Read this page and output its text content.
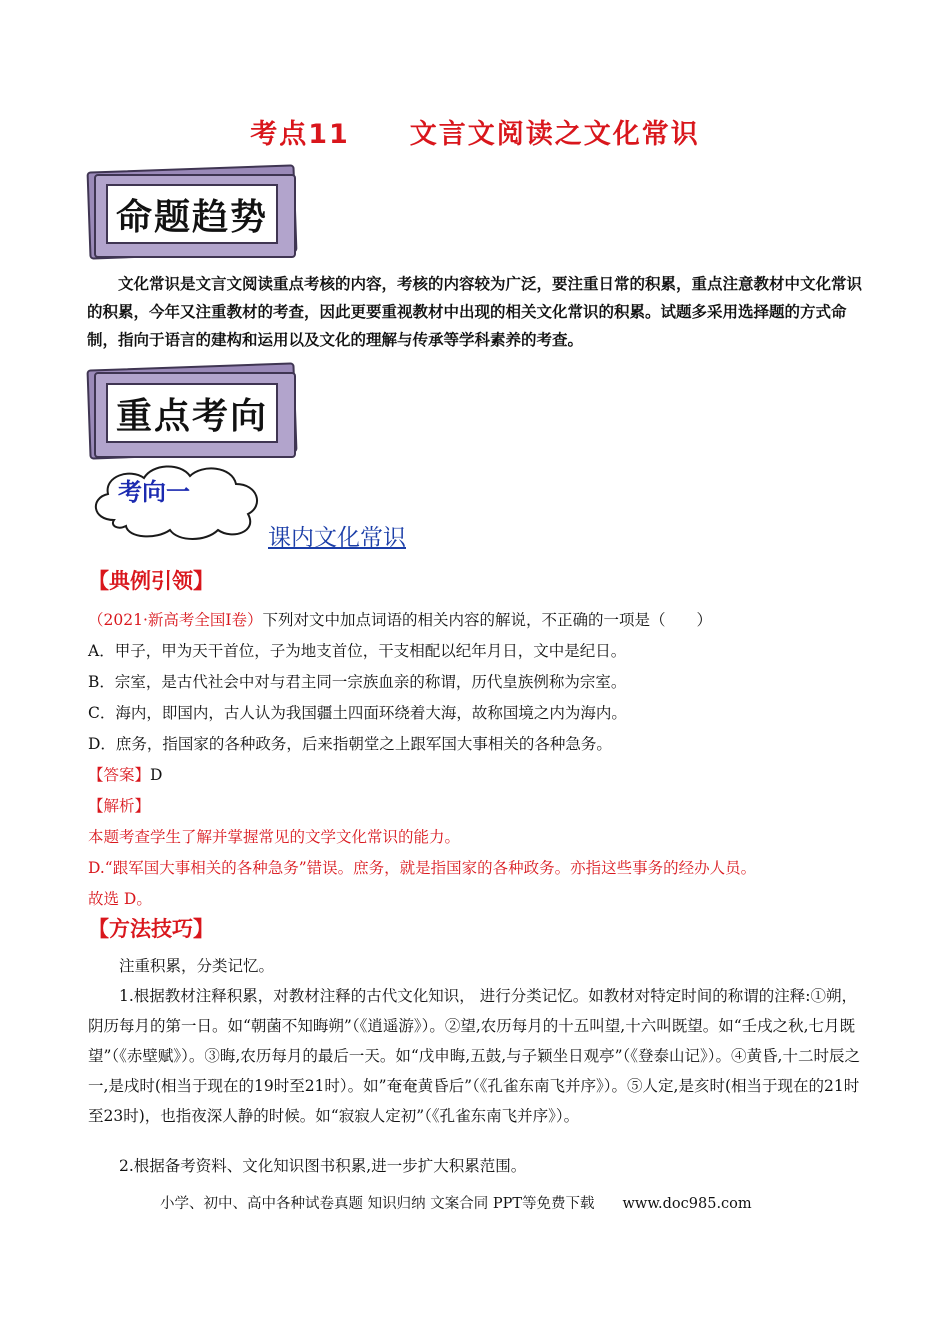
考点11 文言文阅读之文化常识
命题趋势
文化常识是文言文阅读重点考核的内容，考核的内容较为广泛，要注重日常的积累，重点注意教材中文化常识的积累，今年又注重教材的考查，因此更要重视教材中出现的相关文化常识的积累。试题多采用选择题的方式命制，指向于语言的建构和运用以及文化的理解与传承等学科素养的考查。
重点考向
考向一
课内文化常识
【典例引领】
（2021·新高考全国Ⅰ卷）下列对文中加点词语的相关内容的解说，不正确的一项是（　　）
A．甲子，甲为天干首位，子为地支首位，干支相配以纪年月日，文中是纪日。
B．宗室，是古代社会中对与君主同一宗族血亲的称谓，历代皇族例称为宗室。
C．海内，即国内，古人认为我国疆土四面环绕着大海，故称国境之内为海内。
D．庶务，指国家的各种政务，后来指朝堂之上跟军国大事相关的各种急务。
【答案】D
【解析】
本题考查学生了解并掌握常见的文学文化常识的能力。
D.“跟军国大事相关的各种急务”错误。庶务，就是指国家的各种政务。亦指这些事务的经办人员。
故选 D。
【方法技巧】
注重积累，分类记忆。
1.根据教材注释积累，对教材注释的古代文化知识， 进行分类记忆。如教材对特定时间的称谓的注释:①朔，阴历每月的第一日。如“朝菌不知晦朔”（《逍遥游》）。②望,农历每月的十五叫望,十六叫既望。如“壬戌之秋,七月既望”（《赤壁赋》）。③晦,农历每月的最后一天。如“戊申晦,五鼓,与子颖坐日观亭”（《登泰山记》）。④黄昏,十二时辰之一,是戌时(相当于现在的19时至21时）。如”奄奄黄昏后”（《孔雀东南飞并序》）。⑤人定,是亥时(相当于现在的21时至23时)，也指夜深人静的时候。如“寂寂人定初”（《孔雀东南飞并序》）。
2.根据备考资料、文化知识图书积累,进一步扩大积累范围。
小学、初中、高中各种试卷真题 知识归纳 文案合同 PPT等免费下载 www.doc985.com
